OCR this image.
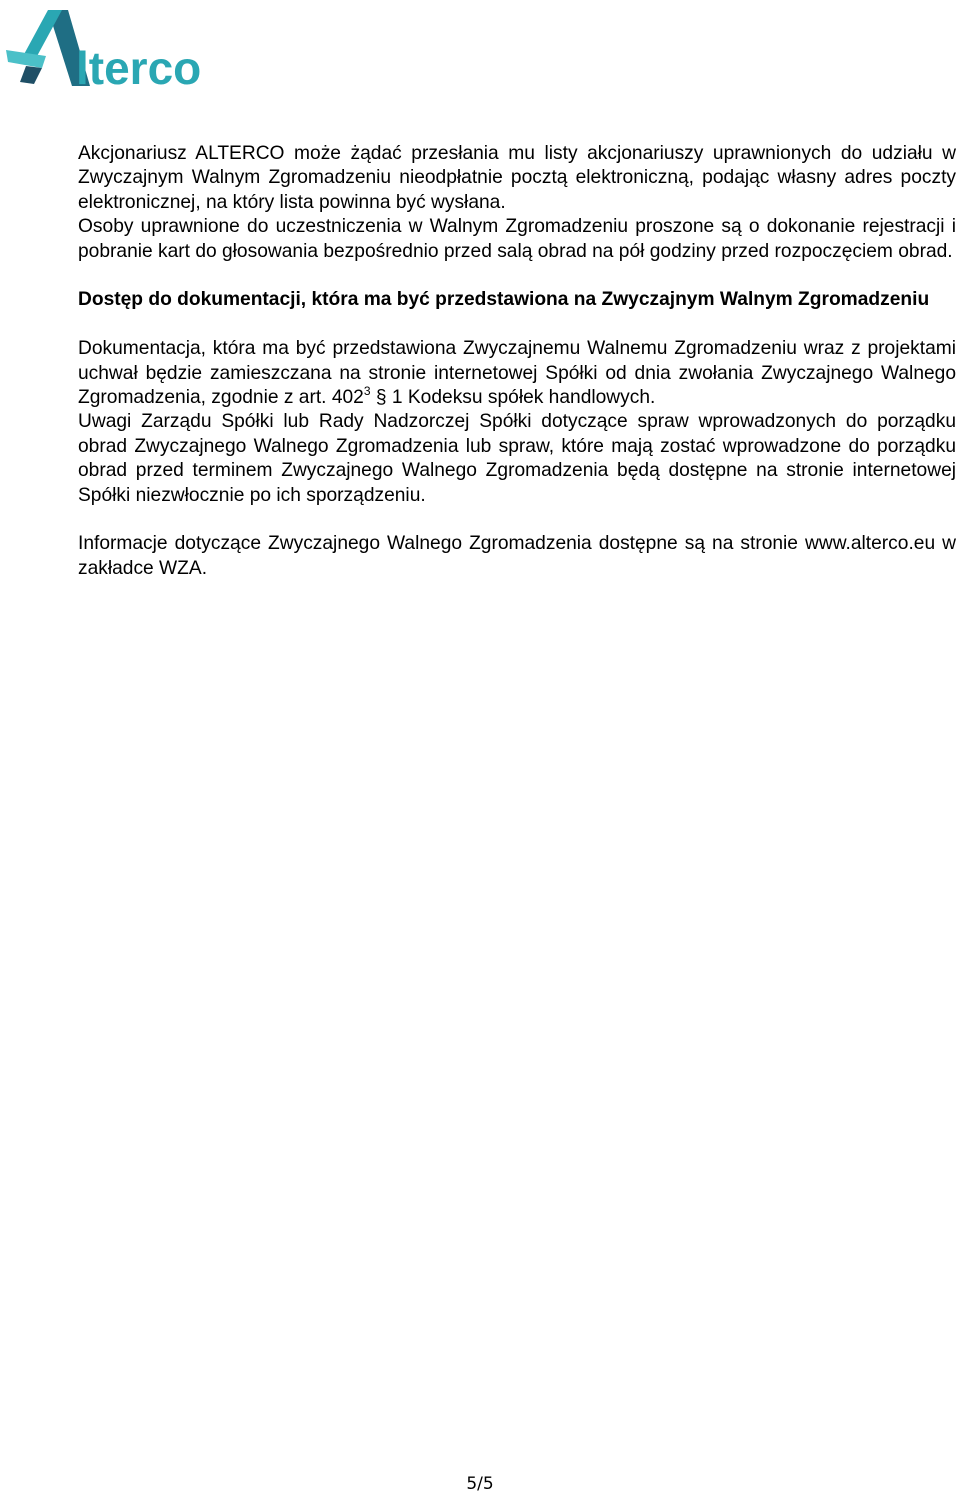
lterco

Akcjonariusz ALTERCO może żądać przesłania mu listy akcjonariuszy uprawnionych do udziału w Zwyczajnym Walnym Zgromadzeniu nieodpłatnie pocztą elektroniczną, podając własny adres poczty elektronicznej, na który lista powinna być wysłana.

Osoby uprawnione do uczestniczenia w Walnym Zgromadzeniu proszone są o dokonanie rejestracji i pobranie kart do głosowania bezpośrednio przed salą obrad na pół godziny przed rozpoczęciem obrad.

Dostęp do dokumentacji, która ma być przedstawiona na Zwyczajnym Walnym Zgromadzeniu

Dokumentacja, która ma być przedstawiona Zwyczajnemu Walnemu Zgromadzeniu wraz z projektami uchwał będzie zamieszczana na stronie internetowej Spółki od dnia zwołania Zwyczajnego Walnego Zgromadzenia, zgodnie z art. $402^3$ § 1 Kodeksu spółek handlowych.

Uwagi Zarządu Spółki lub Rady Nadzorczej Spółki dotyczące spraw wprowadzonych do porządku obrad Zwyczajnego Walnego Zgromadzenia lub spraw, które mają zostać wprowadzone do porządku obrad przed terminem Zwyczajnego Walnego Zgromadzenia będą dostępne na stronie internetowej Spółki niezwłocznie po ich sporządzeniu.

Informacje dotyczące Zwyczajnego Walnego Zgromadzenia dostępne są na stronie www.alterco.eu w zakładce WZA.

5/5
